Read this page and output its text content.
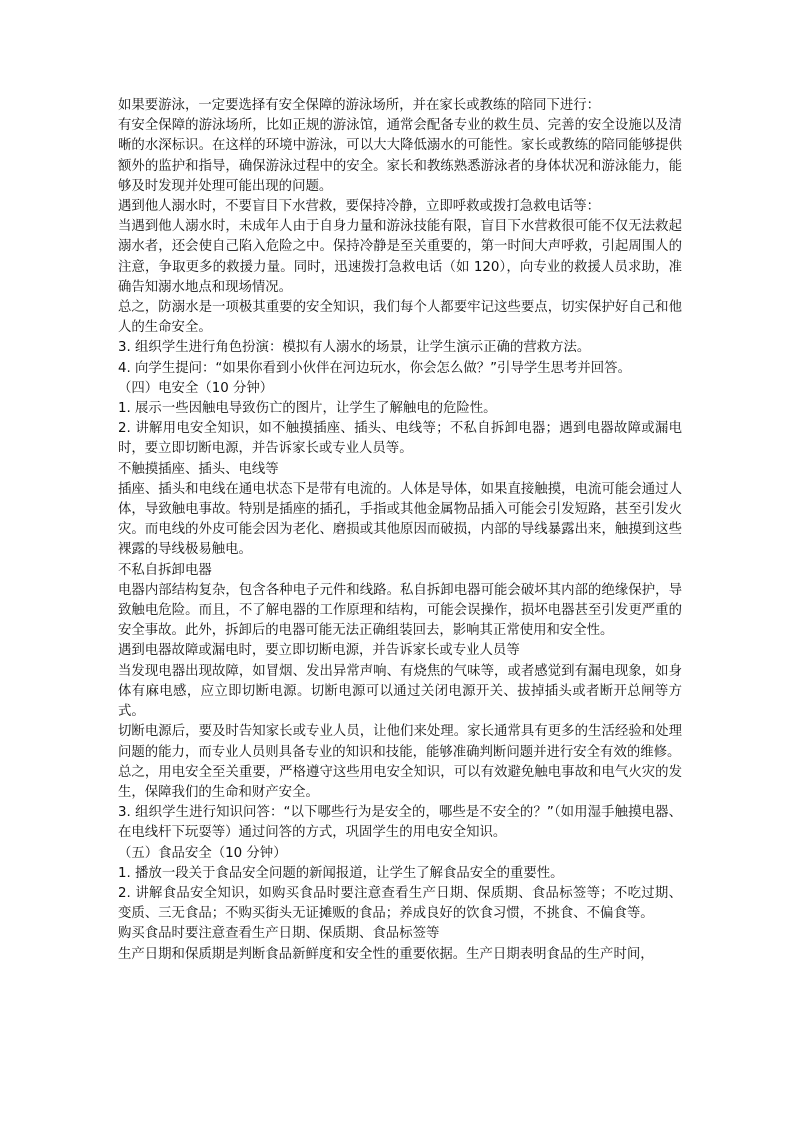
如果要游泳，一定要选择有安全保障的游泳场所，并在家长或教练的陪同下进行：

有安全保障的游泳场所，比如正规的游泳馆，通常会配备专业的救生员、完善的安全设施以及清晰的水深标识。在这样的环境中游泳，可以大大降低溺水的可能性。家长或教练的陪同能够提供额外的监护和指导，确保游泳过程中的安全。家长和教练熟悉游泳者的身体状况和游泳能力，能够及时发现并处理可能出现的问题。

遇到他人溺水时，不要盲目下水营救，要保持冷静，立即呼救或拨打急救电话等：

当遇到他人溺水时，未成年人由于自身力量和游泳技能有限，盲目下水营救很可能不仅无法救起溺水者，还会使自己陷入危险之中。保持冷静是至关重要的，第一时间大声呼救，引起周围人的注意，争取更多的救援力量。同时，迅速拨打急救电话（如 120），向专业的救援人员求助，准确告知溺水地点和现场情况。

总之，防溺水是一项极其重要的安全知识，我们每个人都要牢记这些要点，切实保护好自己和他人的生命安全。

3. 组织学生进行角色扮演：模拟有人溺水的场景，让学生演示正确的营救方法。

4. 向学生提问：“如果你看到小伙伴在河边玩水，你会怎么做？”引导学生思考并回答。

（四）电安全（10 分钟）

1. 展示一些因触电导致伤亡的图片，让学生了解触电的危险性。

2. 讲解用电安全知识，如不触摸插座、插头、电线等；不私自拆卸电器；遇到电器故障或漏电时，要立即切断电源，并告诉家长或专业人员等。

不触摸插座、插头、电线等

插座、插头和电线在通电状态下是带有电流的。人体是导体，如果直接触摸，电流可能会通过人体，导致触电事故。特别是插座的插孔，手指或其他金属物品插入可能会引发短路，甚至引发火灾。而电线的外皮可能会因为老化、磨损或其他原因而破损，内部的导线暴露出来，触摸到这些裸露的导线极易触电。

不私自拆卸电器

电器内部结构复杂，包含各种电子元件和线路。私自拆卸电器可能会破坏其内部的绝缘保护，导致触电危险。而且，不了解电器的工作原理和结构，可能会误操作，损坏电器甚至引发更严重的安全事故。此外，拆卸后的电器可能无法正确组装回去，影响其正常使用和安全性。

遇到电器故障或漏电时，要立即切断电源，并告诉家长或专业人员等

当发现电器出现故障，如冒烟、发出异常声响、有烧焦的气味等，或者感觉到有漏电现象，如身体有麻电感，应立即切断电源。切断电源可以通过关闭电源开关、拔掉插头或者断开总闸等方式。

切断电源后，要及时告知家长或专业人员，让他们来处理。家长通常具有更多的生活经验和处理问题的能力，而专业人员则具备专业的知识和技能，能够准确判断问题并进行安全有效的维修。

总之，用电安全至关重要，严格遵守这些用电安全知识，可以有效避免触电事故和电气火灾的发生，保障我们的生命和财产安全。

3. 组织学生进行知识问答：“以下哪些行为是安全的，哪些是不安全的？”（如用湿手触摸电器、在电线杆下玩耍等）通过问答的方式，巩固学生的用电安全知识。

（五）食品安全（10 分钟）

1. 播放一段关于食品安全问题的新闻报道，让学生了解食品安全的重要性。

2. 讲解食品安全知识，如购买食品时要注意查看生产日期、保质期、食品标签等；不吃过期、变质、三无食品；不购买街头无证摊贩的食品；养成良好的饮食习惯，不挑食、不偏食等。

购买食品时要注意查看生产日期、保质期、食品标签等

生产日期和保质期是判断食品新鲜度和安全性的重要依据。生产日期表明食品的生产时间，
